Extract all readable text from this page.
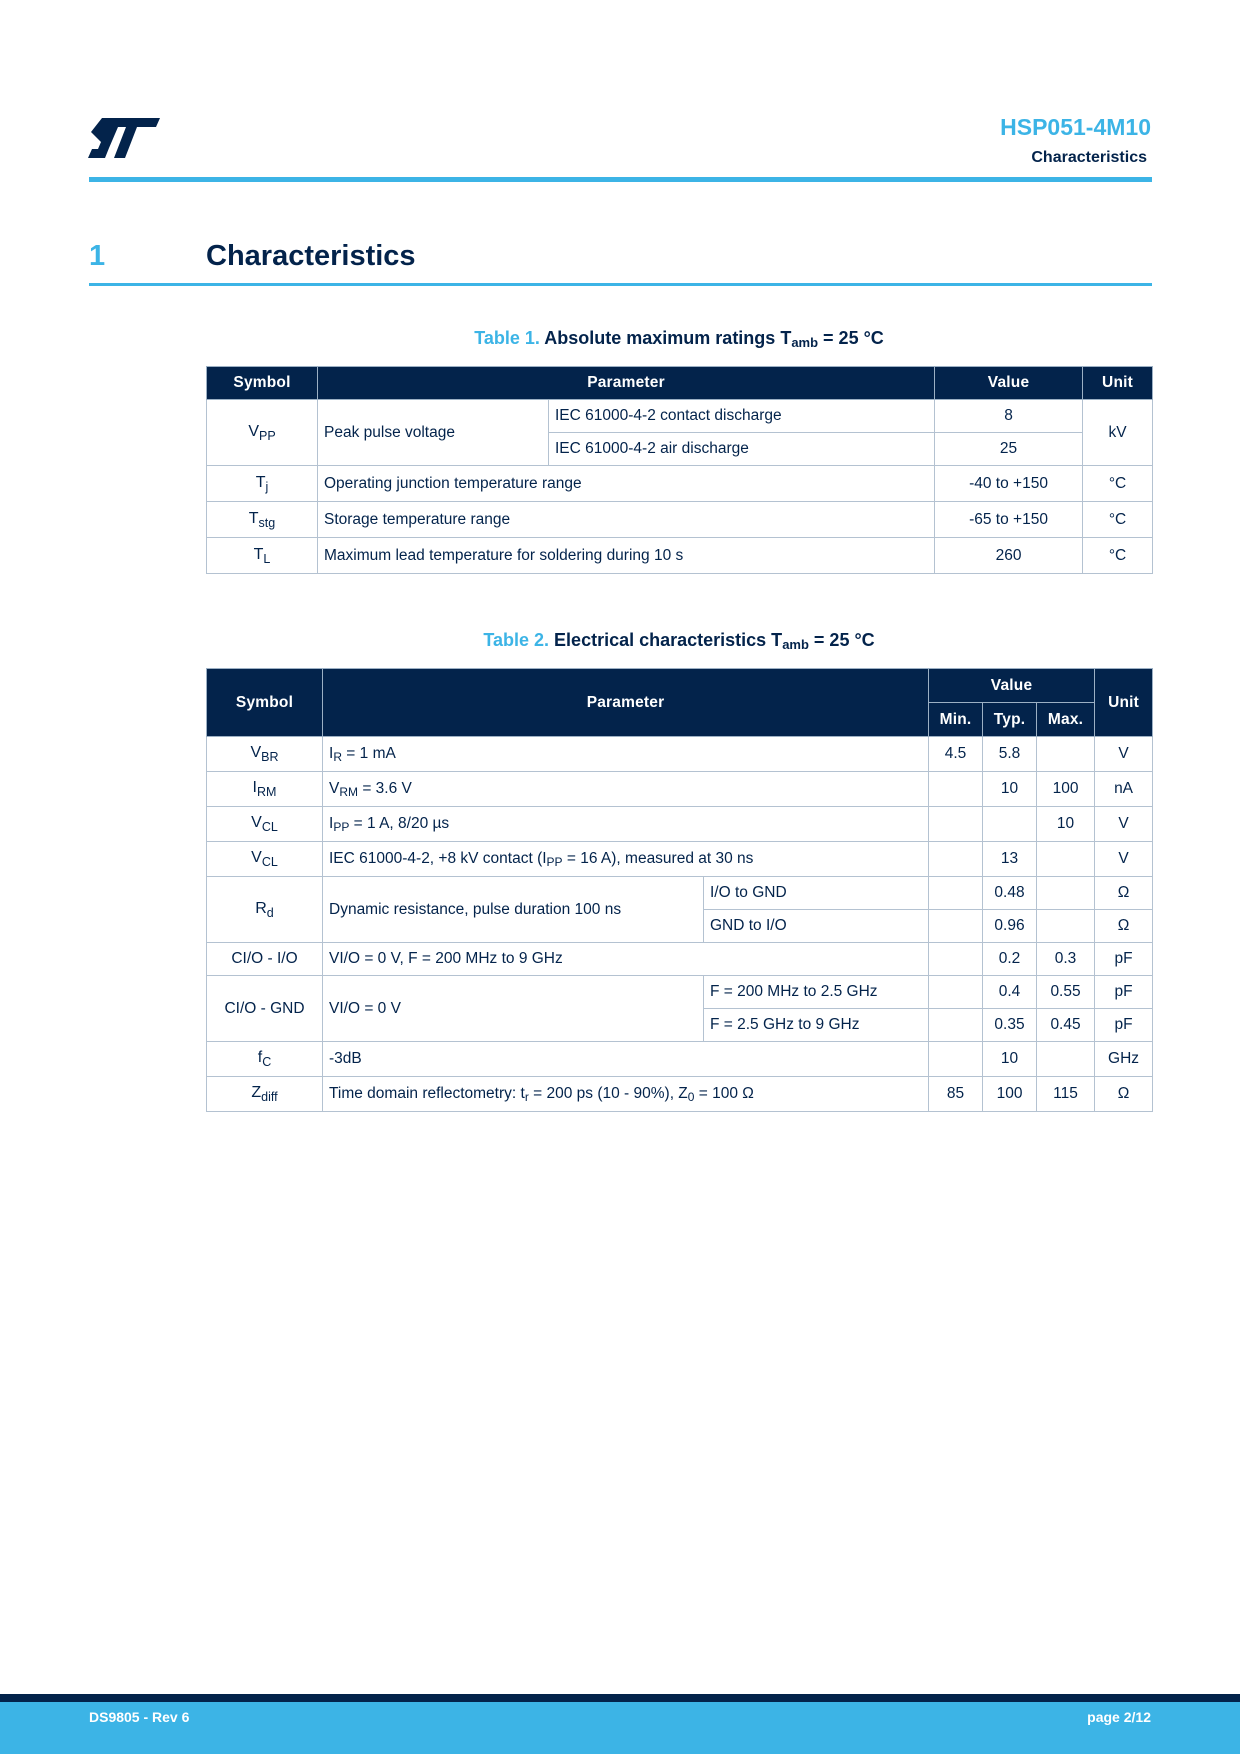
HSP051-4M10
Characteristics
1	Characteristics
Table 1. Absolute maximum ratings $T_{amb} = 25$ °C
Symbol	Parameter		Value	Unit
$V_{PP}$	Peak pulse voltage	IEC 61000-4-2 contact discharge	8	kV
		IEC 61000-4-2 air discharge	25	
$T_j$	Operating junction temperature range		-40 to +150	°C
$T_{stg}$	Storage temperature range		-65 to +150	°C
$T_L$	Maximum lead temperature for soldering during 10 s		260	°C
Table 2. Electrical characteristics $T_{amb} = 25$ °C
Symbol	Parameter		Value			Unit
			Min.	Typ.	Max.	
$V_{BR}$	$I_R = 1$ mA		4.5	5.8		V
$I_{RM}$	$V_{RM} = 3.6$ V			10	100	nA
$V_{CL}$	$I_{PP} = 1$ A, 8/20 µs				10	V
$V_{CL}$	IEC 61000-4-2, +8 kV contact ($I_{PP} = 16$ A), measured at 30 ns			13		V
$R_d$	Dynamic resistance, pulse duration 100 ns	I/O to GND		0.48		Ω
		GND to I/O		0.96		Ω
CI/O - I/O	VI/O = 0 V, F = 200 MHz to 9 GHz			0.2	0.3	pF
CI/O - GND	VI/O = 0 V	F = 200 MHz to 2.5 GHz		0.4	0.55	pF
		F = 2.5 GHz to 9 GHz		0.35	0.45	pF
$f_C$	-3dB			10		GHz
$Z_{diff}$	Time domain reflectometry: $t_r = 200$ ps (10 - 90%), $Z_0 = 100$ Ω		85	100	115	Ω
DS9805 - Rev 6	page 2/12
